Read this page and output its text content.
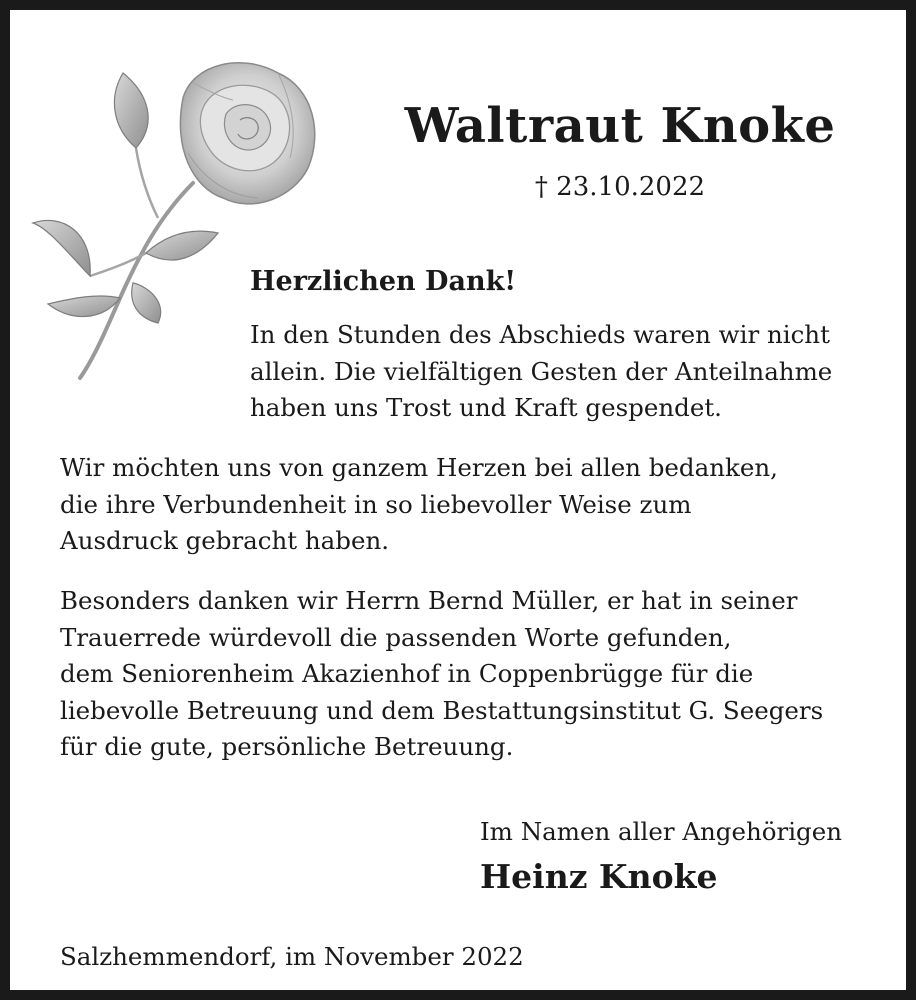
Waltraut Knoke
† 23.10.2022
Herzlichen Dank!
In den Stunden des Abschieds waren wir nicht
allein. Die vielfältigen Gesten der Anteilnahme
haben uns Trost und Kraft gespendet.
Wir möchten uns von ganzem Herzen bei allen bedanken,
die ihre Verbundenheit in so liebevoller Weise zum
Ausdruck gebracht haben.
Besonders danken wir Herrn Bernd Müller, er hat in seiner
Trauerrede würdevoll die passenden Worte gefunden,
dem Seniorenheim Akazienhof in Coppenbrügge für die
liebevolle Betreuung und dem Bestattungsinstitut G. Seegers
für die gute, persönliche Betreuung.
Im Namen aller Angehörigen
Heinz Knoke
Salzhemmendorf, im November 2022
